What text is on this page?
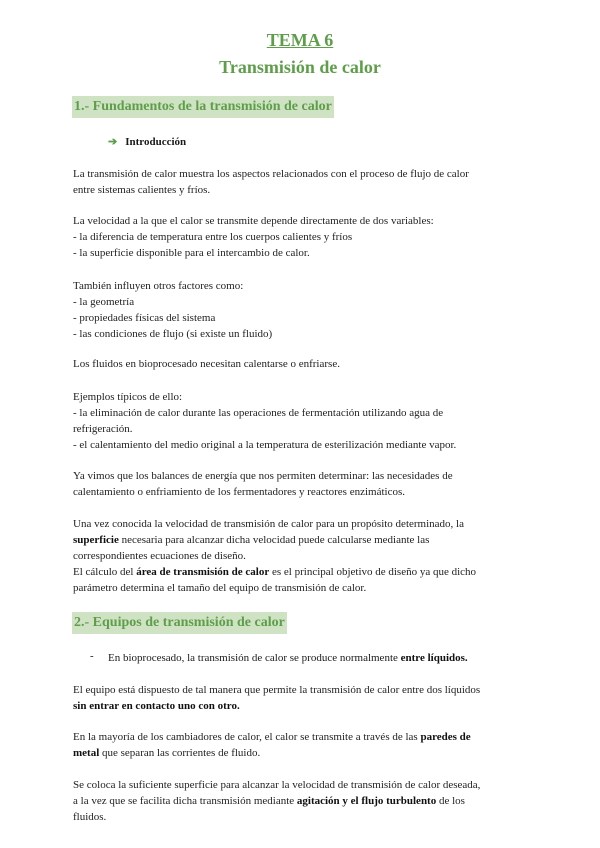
TEMA 6
Transmisión de calor
1.- Fundamentos de la transmisión de calor
➔ Introducción
La transmisión de calor muestra los aspectos relacionados con el proceso de flujo de calor
entre sistemas calientes y fríos.
La velocidad a la que el calor se transmite depende directamente de dos variables:
- la diferencia de temperatura entre los cuerpos calientes y fríos
- la superficie disponible para el intercambio de calor.
También influyen otros factores como:
- la geometría
- propiedades físicas del sistema
- las condiciones de flujo (si existe un fluido)
Los fluidos en bioprocesado necesitan calentarse o enfriarse.
Ejemplos típicos de ello:
- la eliminación de calor durante las operaciones de fermentación utilizando agua de
refrigeración.
- el calentamiento del medio original a la temperatura de esterilización mediante vapor.
Ya vimos que los balances de energía que nos permiten determinar: las necesidades de
calentamiento o enfriamiento de los fermentadores y reactores enzimáticos.
Una vez conocida la velocidad de transmisión de calor para un propósito determinado, la
superficie necesaria para alcanzar dicha velocidad puede calcularse mediante las
correspondientes ecuaciones de diseño.
El cálculo del área de transmisión de calor es el principal objetivo de diseño ya que dicho
parámetro determina el tamaño del equipo de transmisión de calor.
2.- Equipos de transmisión de calor
- En bioprocesado, la transmisión de calor se produce normalmente entre líquidos.
El equipo está dispuesto de tal manera que permite la transmisión de calor entre dos líquidos
sin entrar en contacto uno con otro.
En la mayoría de los cambiadores de calor, el calor se transmite a través de las paredes de
metal que separan las corrientes de fluido.
Se coloca la suficiente superficie para alcanzar la velocidad de transmisión de calor deseada,
a la vez que se facilita dicha transmisión mediante agitación y el flujo turbulento de los
fluidos.
